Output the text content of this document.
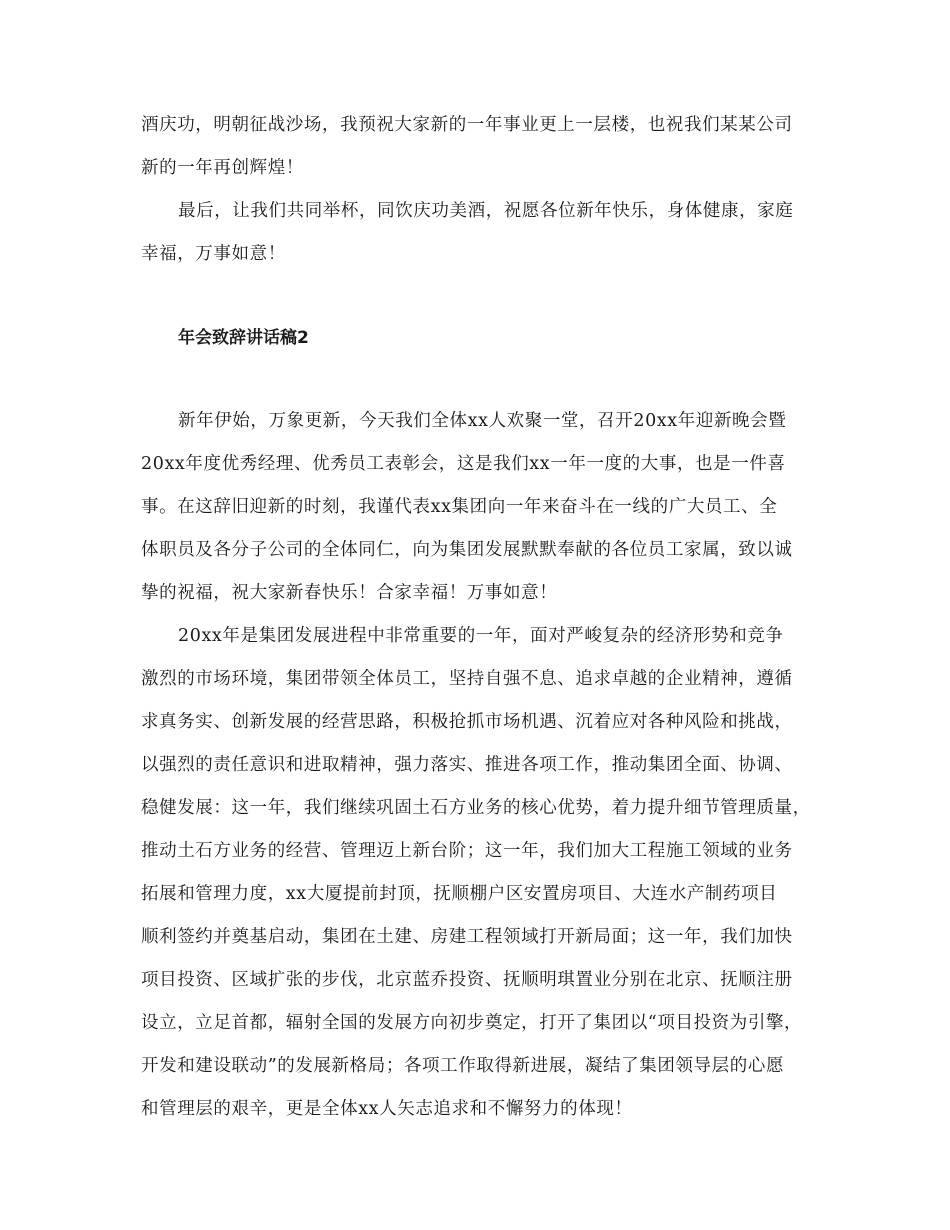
酒庆功，明朝征战沙场，我预祝大家新的一年事业更上一层楼，也祝我们某某公司
新的一年再创辉煌！
最后，让我们共同举杯，同饮庆功美酒，祝愿各位新年快乐，身体健康，家庭
幸福，万事如意！
年会致辞讲话稿2
新年伊始，万象更新，今天我们全体xx人欢聚一堂，召开20xx年迎新晚会暨
20xx年度优秀经理、优秀员工表彰会，这是我们xx一年一度的大事，也是一件喜
事。在这辞旧迎新的时刻，我谨代表xx集团向一年来奋斗在一线的广大员工、全
体职员及各分子公司的全体同仁，向为集团发展默默奉献的各位员工家属，致以诚
挚的祝福，祝大家新春快乐！合家幸福！万事如意！
20xx年是集团发展进程中非常重要的一年，面对严峻复杂的经济形势和竞争
激烈的市场环境，集团带领全体员工，坚持自强不息、追求卓越的企业精神，遵循
求真务实、创新发展的经营思路，积极抢抓市场机遇、沉着应对各种风险和挑战，
以强烈的责任意识和进取精神，强力落实、推进各项工作，推动集团全面、协调、
稳健发展：这一年，我们继续巩固土石方业务的核心优势，着力提升细节管理质量，
推动土石方业务的经营、管理迈上新台阶；这一年，我们加大工程施工领域的业务
拓展和管理力度，xx大厦提前封顶，抚顺棚户区安置房项目、大连水产制药项目
顺利签约并奠基启动，集团在土建、房建工程领域打开新局面；这一年，我们加快
项目投资、区域扩张的步伐，北京蓝乔投资、抚顺明琪置业分别在北京、抚顺注册
设立，立足首都，辐射全国的发展方向初步奠定，打开了集团以“项目投资为引擎，
开发和建设联动”的发展新格局；各项工作取得新进展，凝结了集团领导层的心愿
和管理层的艰辛，更是全体xx人矢志追求和不懈努力的体现！
